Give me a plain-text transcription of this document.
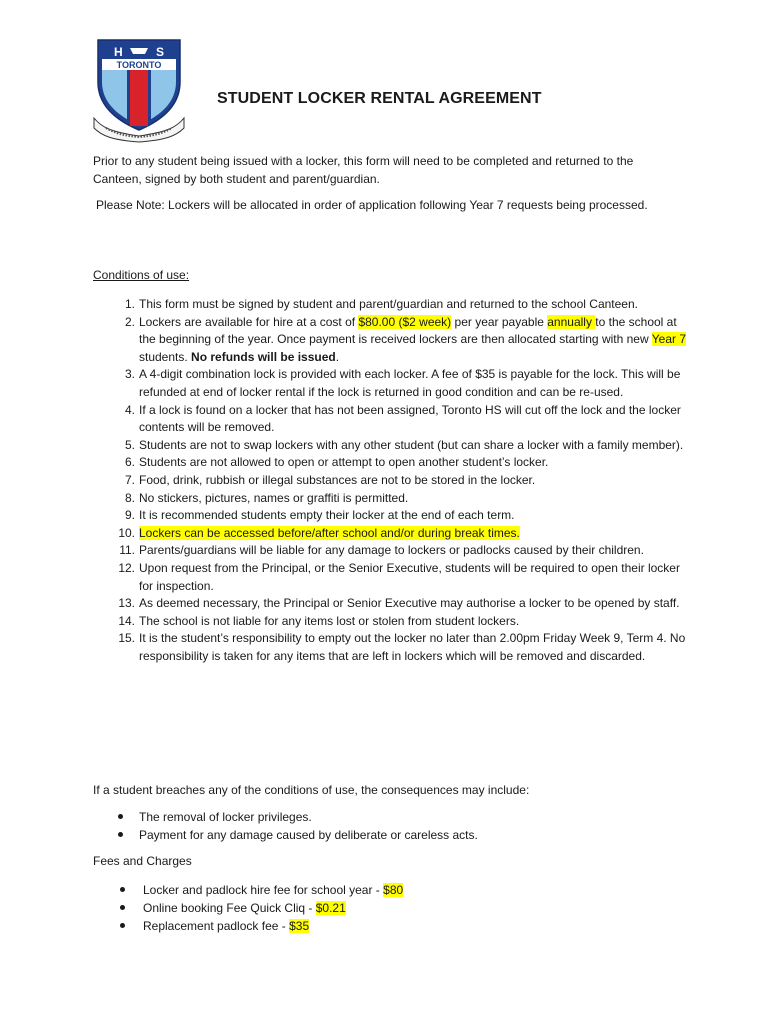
H	S
TORONTO
STUDENT LOCKER RENTAL AGREEMENT
Prior to any student being issued with a locker, this form will need to be completed and returned to the Canteen, signed by both student and parent/guardian.
Please Note: Lockers will be allocated in order of application following Year 7 requests being processed.
Conditions of use:
1. This form must be signed by student and parent/guardian and returned to the school Canteen.
2. Lockers are available for hire at a cost of $80.00 ($2 week) per year payable annually to the school at the beginning of the year. Once payment is received lockers are then allocated starting with new Year 7 students. No refunds will be issued.
3. A 4-digit combination lock is provided with each locker. A fee of $35 is payable for the lock. This will be refunded at end of locker rental if the lock is returned in good condition and can be re-used.
4. If a lock is found on a locker that has not been assigned, Toronto HS will cut off the lock and the locker contents will be removed.
5. Students are not to swap lockers with any other student (but can share a locker with a family member).
6. Students are not allowed to open or attempt to open another student’s locker.
7. Food, drink, rubbish or illegal substances are not to be stored in the locker.
8. No stickers, pictures, names or graffiti is permitted.
9. It is recommended students empty their locker at the end of each term.
10. Lockers can be accessed before/after school and/or during break times.
11. Parents/guardians will be liable for any damage to lockers or padlocks caused by their children.
12. Upon request from the Principal, or the Senior Executive, students will be required to open their locker for inspection.
13. As deemed necessary, the Principal or Senior Executive may authorise a locker to be opened by staff.
14. The school is not liable for any items lost or stolen from student lockers.
15. It is the student’s responsibility to empty out the locker no later than 2.00pm Friday Week 9, Term 4. No responsibility is taken for any items that are left in lockers which will be removed and discarded.
If a student breaches any of the conditions of use, the consequences may include:
The removal of locker privileges.
Payment for any damage caused by deliberate or careless acts.
Fees and Charges
Locker and padlock hire fee for school year - $80
Online booking Fee Quick Cliq - $0.21
Replacement padlock fee - $35
